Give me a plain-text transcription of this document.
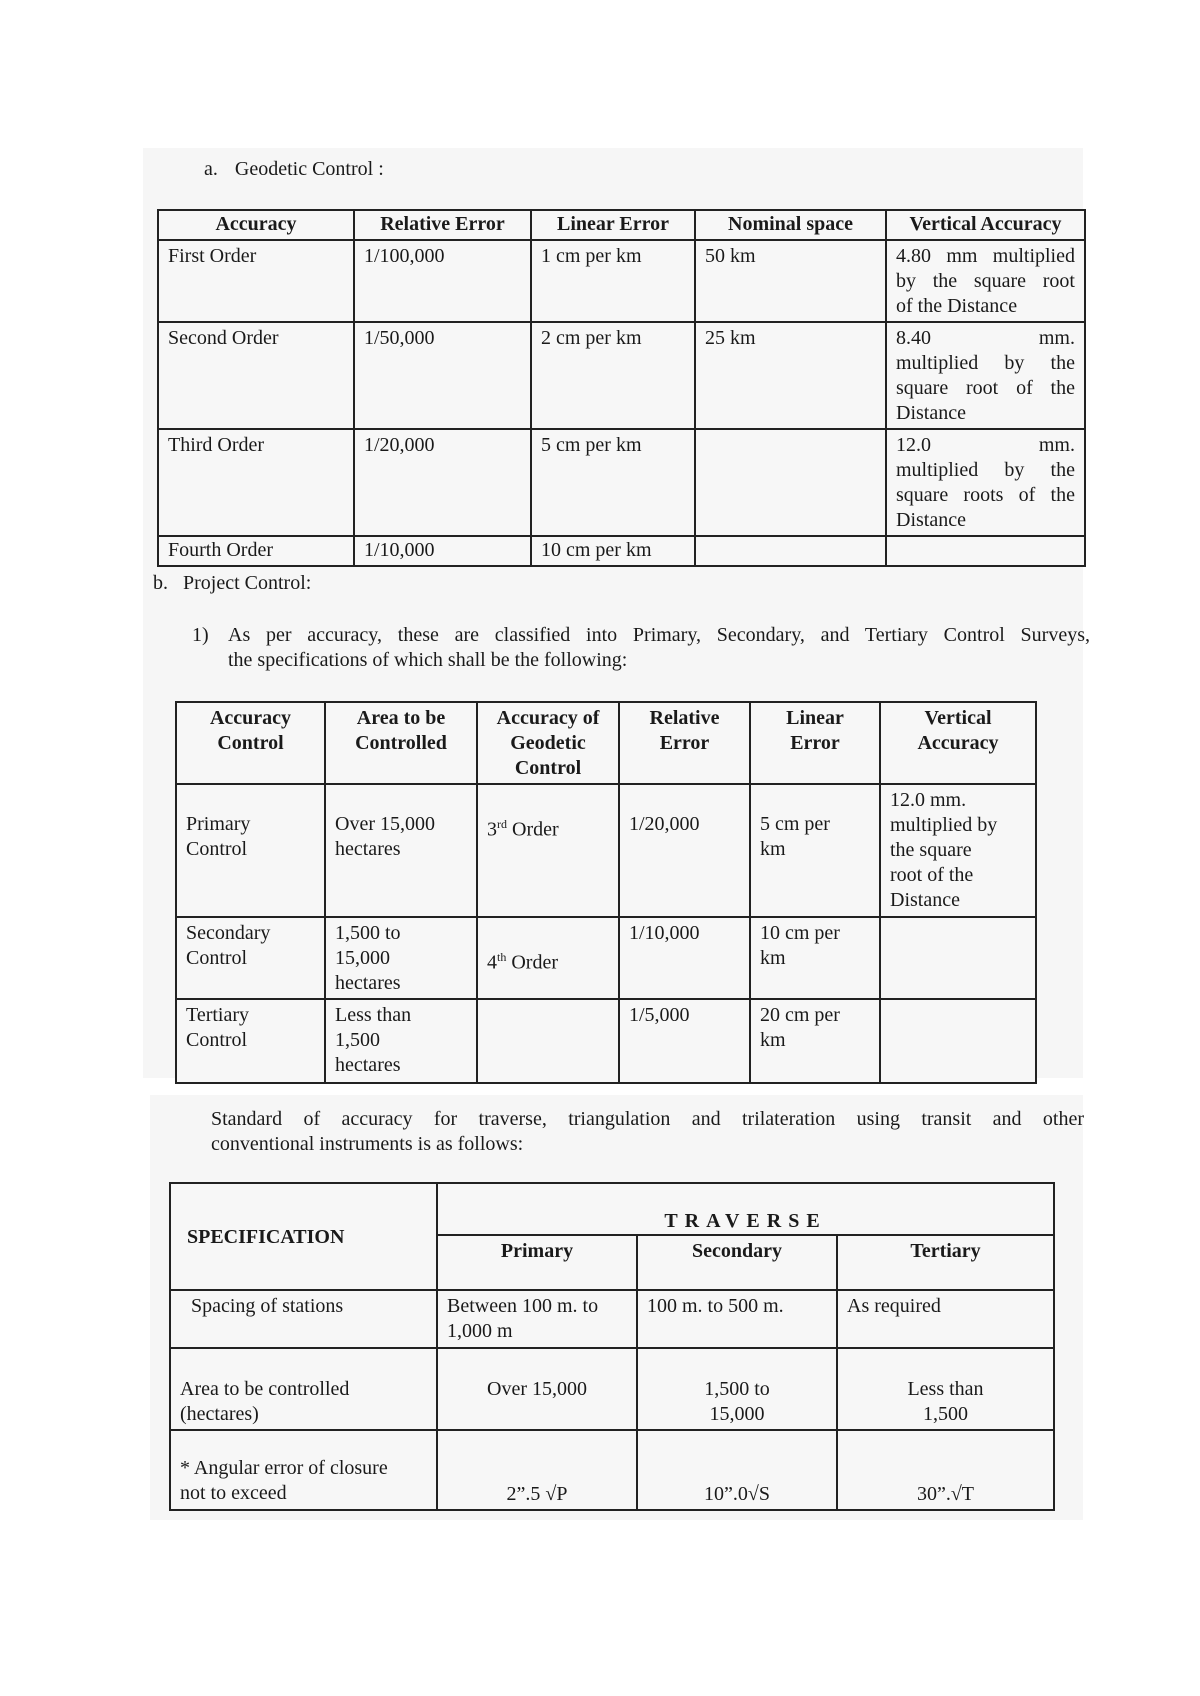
a. Geodetic Control :
Accuracy	Relative Error	Linear Error	Nominal space	Vertical Accuracy
First Order	1/100,000	1 cm per km	50 km	4.80 mm multiplied
by the square root
of the Distance

Second Order	1/50,000	2 cm per km	25 km	8.40 mm.
multiplied by the
square root of the
Distance

Third Order	1/20,000	5 cm per km		12.0 mm.
multiplied by the
square roots of the
Distance

Fourth Order	1/10,000	10 cm per km		
b. Project Control:
1) As per accuracy, these are classified into Primary, Secondary, and Tertiary Control Surveys,
the specifications of which shall be the following:
Accuracy
Control	Area to be
Controlled	Accuracy of
Geodetic
Control	Relative
Error	Linear
Error	Vertical
Accuracy

Primary
Control	Over 15,000
hectares	3rd Order	1/20,000	5 cm per
km	12.0 mm.
multiplied by
the square
root of the
Distance

Secondary
Control	1,500 to
15,000
hectares	4th Order	1/10,000	10 cm per
km	

Tertiary
Control	Less than
1,500
hectares		1/5,000	20 cm per
km	

Standard of accuracy for traverse, triangulation and trilateration using transit and other
conventional instruments is as follows:
SPECIFICATION	TRAVERSE		
	Primary	Secondary	Tertiary

Spacing of stations	Between 100 m. to
1,000 m	100 m. to 500 m.	As required

Area to be controlled
(hectares)	Over 15,000	1,500 to
15,000	Less than
1,500

* Angular error of closure
not to exceed	2”.5 √P	10”.0√S	30”.√T
